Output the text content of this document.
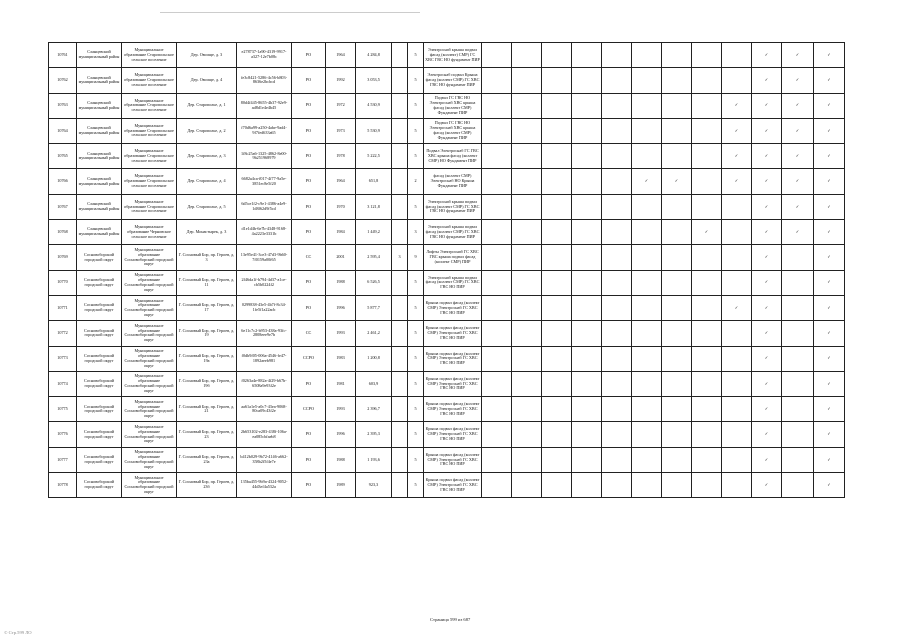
10761	Сланцевский муниципальный район	Муниципальное образование Старопольское сельское поселение	Дер. Овсище, д. 3	e278737-1a90-4319-9917-a327-12e7b08c	РО	1964	4 284,8		5	Электроснаб крыша подвал фасад (коллект) СМР) ГС ХВС ГВС НО фундамент ПИР										✓	✓	✓
10762	Сланцевский муниципальный район	Муниципальное образование Старопольское сельское поселение	Дер. Овсище, д. 4	fe3c8421-5286-4c56-b803-8636e2bcbcd	РО	1992	3 053,5		5	Электроснаб подвал Крыша фасад (коллект СМР) ГС ХВС ГВС НО фундамент ПИР										✓	✓	✓
10763	Сланцевский муниципальный район	Муниципальное образование Старопольское сельское поселение	Дер. Старополье, д. 1	80d4f445-8655-4b37-92e9-ad8d1e4e4b45	РО	1972	4 530,9		5	Подвал ГС ГВС НО Электроснаб ХВС крыша фасад (коллект СМР) Фундамент ПИР									✓	✓	✓	✓
10764	Сланцевский муниципальный район	Муниципальное образование Старопольское сельское поселение	Дер. Старополье, д. 2	f70d6a99-a250-4abe-9ad4-9f7fed633a65	РО	1973	5 530,9		5	Подвал ГС ГВС НО Электроснаб ХВС крыша фасад (коллект СМР) Фундамент ПИР									✓	✓	✓	✓
10765	Сланцевский муниципальный район	Муниципальное образование Старопольское сельское поселение	Дер. Старополье, д. 3	1f8c25a6-1325-4862-8e00-9b251968979	РО	1978	5 222,5		5	Подвал Электроснаб ГС ГВС ХВС крыша фасад (коллект СМР) НО Фундамент ПИР									✓	✓	✓	✓
10766	Сланцевский муниципальный район	Муниципальное образование Старопольское сельское поселение	Дер. Старополье, д. 4	6682a4ca-f017-4f77-9a5e-3851ec8e5f20	РО	1964	651,8		2	фасад (коллект СМР) Электроснаб НО Крыша Фундамент ПИР						✓	✓		✓	✓	✓	✓
10767	Сланцевский муниципальный район	Муниципальное образование Старопольское сельское поселение	Дер. Старополье, д. 5	6d5ce1f2-c9e1-4386-a4e9-1d8f62d9f5cd	РО	1970	3 121,8		5	Электроснаб крыша подвал фасад (коллект СМР) ГС ХВС ГВС НО фундамент ПИР										✓	✓	✓
10768	Сланцевский муниципальный район	Муниципальное образование Черновское сельское поселение	Дер. Монастырек, д. 3	d1e1d4b-6e7b-4348-9168-4a2223e3331b	РО	1984	1 449,2		3	Электроснаб крыша подвал фасад (коллект СМР) ГС ХВС ГВС НО фундамент ПИР								✓		✓	✓	✓
10769	Сосновоборский городской округ	Муниципальное образование Сосновоборский городской округ	Г. Сосновый Бор, пр. Героев, д. 3	13e95e41-3ce3-47d3-9b60-7f0159a00f65	СС	2001	2 595,4	3	9	Лифты Электроснаб ГС ХВС ГВС крыша подвал фасад (коллект СМР) ПИР										✓		✓
10770	Сосновоборский городской округ	Муниципальное образование Сосновоборский городской округ	Г. Сосновый Бор, пр. Героев, д. 11	2f46da1f-b794-4d37-a1ce-cb5b0224f2	РО	1988	6 526,5		5	Электроснаб крыша подвал фасад (коллект СМР) ГС ХВС ГВС НО ПИР										✓		✓
10771	Сосновоборский городской округ	Муниципальное образование Сосновоборский городской округ	Г. Сосновый Бор, пр. Героев, д. 17	0299838-43e5-4b7f-8c34-1fe5f1a22acb	РО	1996	5 877,7		5	Крыша подвал фасад (коллект СМР) Электроснаб ГС ХВС ГВС НО ПИР									✓	✓		✓
10772	Сосновоборский городской округ	Муниципальное образование Сосновоборский городской округ	Г. Сосновый Бор, пр. Героев, д. 19	6e11c7c2-b953-438a-93fc-2808eee9e7b	СС	1993	2 461,2		5	Крыша подвал фасад (коллект СМР) Электроснаб ГС ХВС ГВС НО ПИР										✓		✓
10773	Сосновоборский городской округ	Муниципальное образование Сосновоборский городской округ	Г. Сосновый Бор, пр. Героев, д. 19а	f0db9f05-006a-4546-fe47-1892aeeb981	ССРО	1983	1 200,8		5	Крыша подвал фасад (коллект СМР) Электроснаб ГС ХВС ГВС НО ПИР										✓		✓
10774	Сосновоборский городской округ	Муниципальное образование Сосновоборский городской округ	Г. Сосновый Бор, пр. Героев, д. 19б	f0263a4e-882a-4f29-b67b-6508a9e93f2e	РО	1981	603,9		5	Крыша подвал фасад (коллект СМР) Электроснаб ГС ХВС ГВС НО ПИР										✓		✓
10775	Сосновоборский городской округ	Муниципальное образование Сосновоборский городской округ	Г. Сосновый Бор, пр. Героев, д. 21	aa61a1e5-a0c7-43ea-9068-80ca09c43f2e	ССРО	1993	2 396,7		5	Крыша подвал фасад (коллект СМР) Электроснаб ГС ХВС ГВС НО ПИР										✓		✓
10776	Сосновоборский городской округ	Муниципальное образование Сосновоборский городской округ	Г. Сосновый Бор, пр. Героев, д. 23	2b653102-e283-438f-106a-ea085cbfaeb8	РО	1996	2 395,3		5	Крыша подвал фасад (коллект СМР) Электроснаб ГС ХВС ГВС НО ПИР										✓		✓
10777	Сосновоборский городской округ	Муниципальное образование Сосновоборский городской округ	Г. Сосновый Бор, пр. Героев, д. 23а	b412b029-9b72-4146-a662-358b2f5f4e7e	РО	1988	1 193,6		5	Крыша подвал фасад (коллект СМР) Электроснаб ГС ХВС ГВС НО ПИР										✓		✓
10778	Сосновоборский городской округ	Муниципальное образование Сосновоборский городской округ	Г. Сосновый Бор, пр. Героев, д. 23б	135ba455-9b9a-4324-9052-44d3ef4a532a	РО	1989	923,3		5	Крыша подвал фасад (коллект СМР) Электроснаб ГС ХВС ГВС НО ПИР										✓		✓
Страница 599 из 687
© Стр.599 ЛО
